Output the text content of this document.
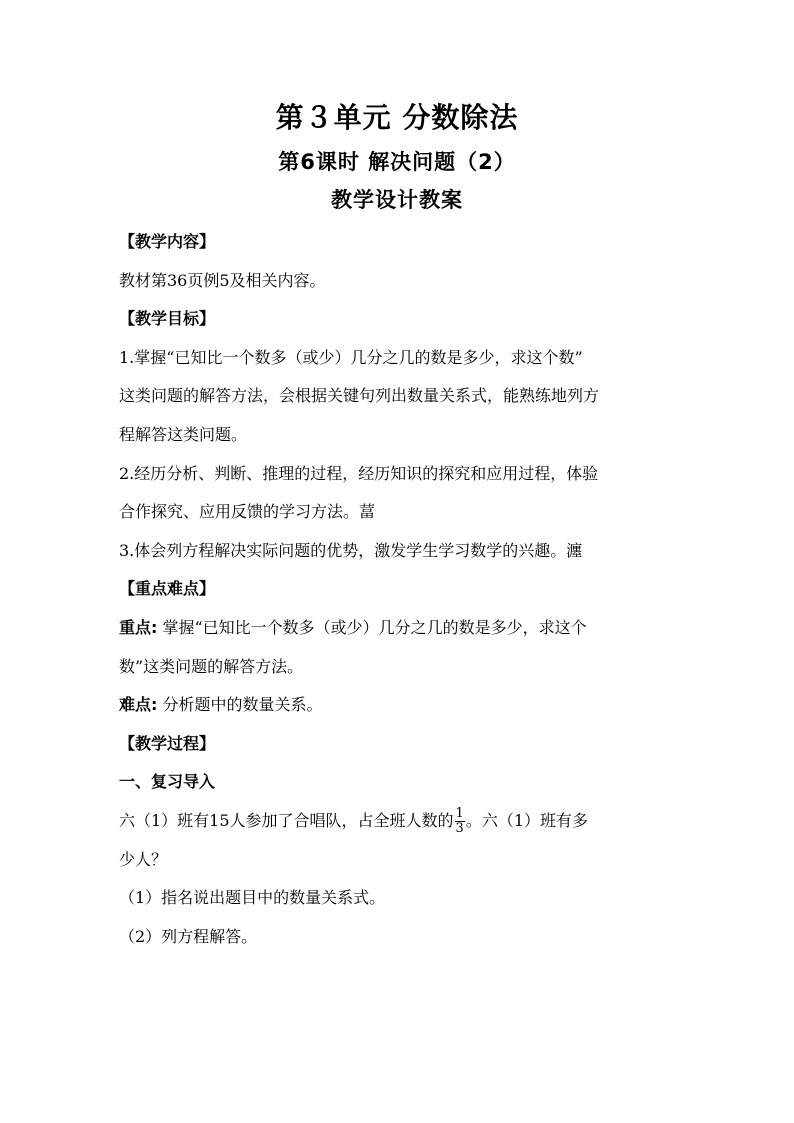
第３单元 分数除法
第6课时 解决问题（2）
教学设计教案

【教学内容】

教材第36页例5及相关内容。

【教学目标】

1.掌握“已知比一个数多（或少）几分之几的数是多少，求这个数”

这类问题的解答方法，会根据关键句列出数量关系式，能熟练地列方

程解答这类问题。

2.经历分析、判断、推理的过程，经历知识的探究和应用过程，体验

合作探究、应用反馈的学习方法。葍

3.体会列方程解决实际问题的优势，激发学生学习数学的兴趣。瀍

【重点难点】

重点: 掌握“已知比一个数多（或少）几分之几的数是多少，求这个

数”这类问题的解答方法。

难点: 分析题中的数量关系。

【教学过程】

一、复习导入

六（1）班有15人参加了合唱队，占全班人数的 $\frac{1}{3}$ 。六（1）班有多

少人？

（1）指名说出题目中的数量关系式。

（2）列方程解答。
